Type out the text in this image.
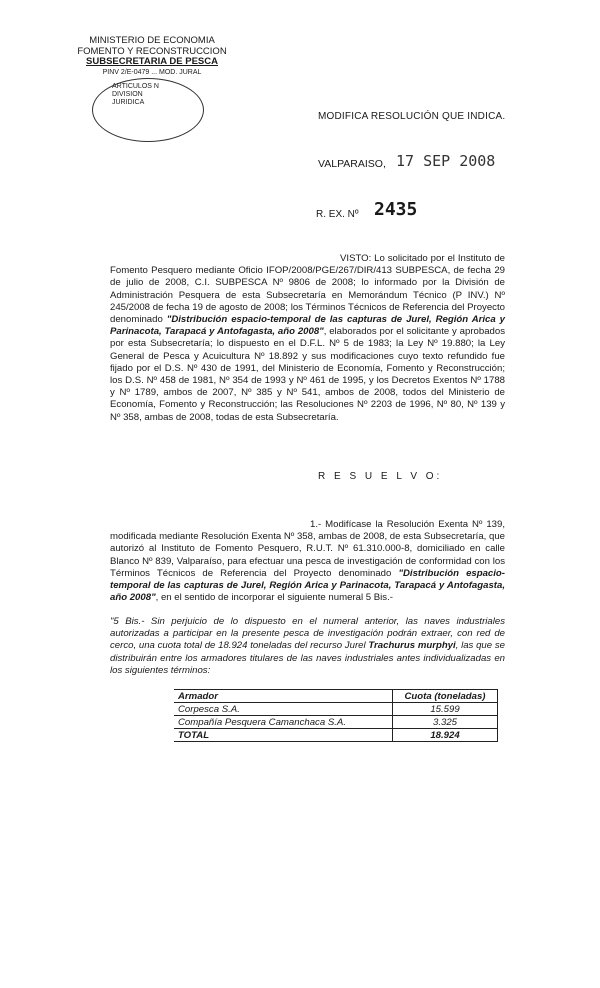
MINISTERIO DE ECONOMIA
FOMENTO Y RECONSTRUCCION
SUBSECRETARIA DE PESCA
PINV 2/E-0479 ... MOD. JURAL
ARTICULOS N
DIVISION
JURIDICA
MODIFICA RESOLUCIÓN QUE INDICA.
VALPARAISO, 17 SEP 2008
R. EX. Nº 2435

VISTO: Lo solicitado por el Instituto de Fomento Pesquero mediante Oficio IFOP/2008/PGE/267/DIR/413 SUBPESCA, de fecha 29 de julio de 2008, C.I. SUBPESCA Nº 9806 de 2008; lo informado por la División de Administración Pesquera de esta Subsecretaría en Memorándum Técnico (P INV.) Nº 245/2008 de fecha 19 de agosto de 2008; los Términos Técnicos de Referencia del Proyecto denominado "Distribución espacio-temporal de las capturas de Jurel, Región Arica y Parinacota, Tarapacá y Antofagasta, año 2008", elaborados por el solicitante y aprobados por esta Subsecretaría; lo dispuesto en el D.F.L. Nº 5 de 1983; la Ley Nº 19.880; la Ley General de Pesca y Acuicultura Nº 18.892 y sus modificaciones cuyo texto refundido fue fijado por el D.S. Nº 430 de 1991, del Ministerio de Economía, Fomento y Reconstrucción; los D.S. Nº 458 de 1981, Nº 354 de 1993 y Nº 461 de 1995, y los Decretos Exentos Nº 1788 y Nº 1789, ambos de 2007, Nº 385 y Nº 541, ambos de 2008, todos del Ministerio de Economía, Fomento y Reconstrucción; las Resoluciones Nº 2203 de 1996, Nº 80, Nº 139 y Nº 358, ambas de 2008, todas de esta Subsecretaría.

R E S U E L V O:

1.- Modifícase la Resolución Exenta Nº 139, modificada mediante Resolución Exenta Nº 358, ambas de 2008, de esta Subsecretaría, que autorizó al Instituto de Fomento Pesquero, R.U.T. Nº 61.310.000-8, domiciliado en calle Blanco Nº 839, Valparaíso, para efectuar una pesca de investigación de conformidad con los Términos Técnicos de Referencia del Proyecto denominado "Distribución espacio-temporal de las capturas de Jurel, Región Arica y Parinacota, Tarapacá y Antofagasta, año 2008", en el sentido de incorporar el siguiente numeral 5 Bis.-

"5 Bis.- Sin perjuicio de lo dispuesto en el numeral anterior, las naves industriales autorizadas a participar en la presente pesca de investigación podrán extraer, con red de cerco, una cuota total de 18.924 toneladas del recurso Jurel Trachurus murphyi, las que se distribuirán entre los armadores titulares de las naves industriales antes individualizadas en los siguientes términos:

Armador	Cuota (toneladas)
Corpesca S.A.	15.599
Compañía Pesquera Camanchaca S.A.	3.325
TOTAL	18.924
